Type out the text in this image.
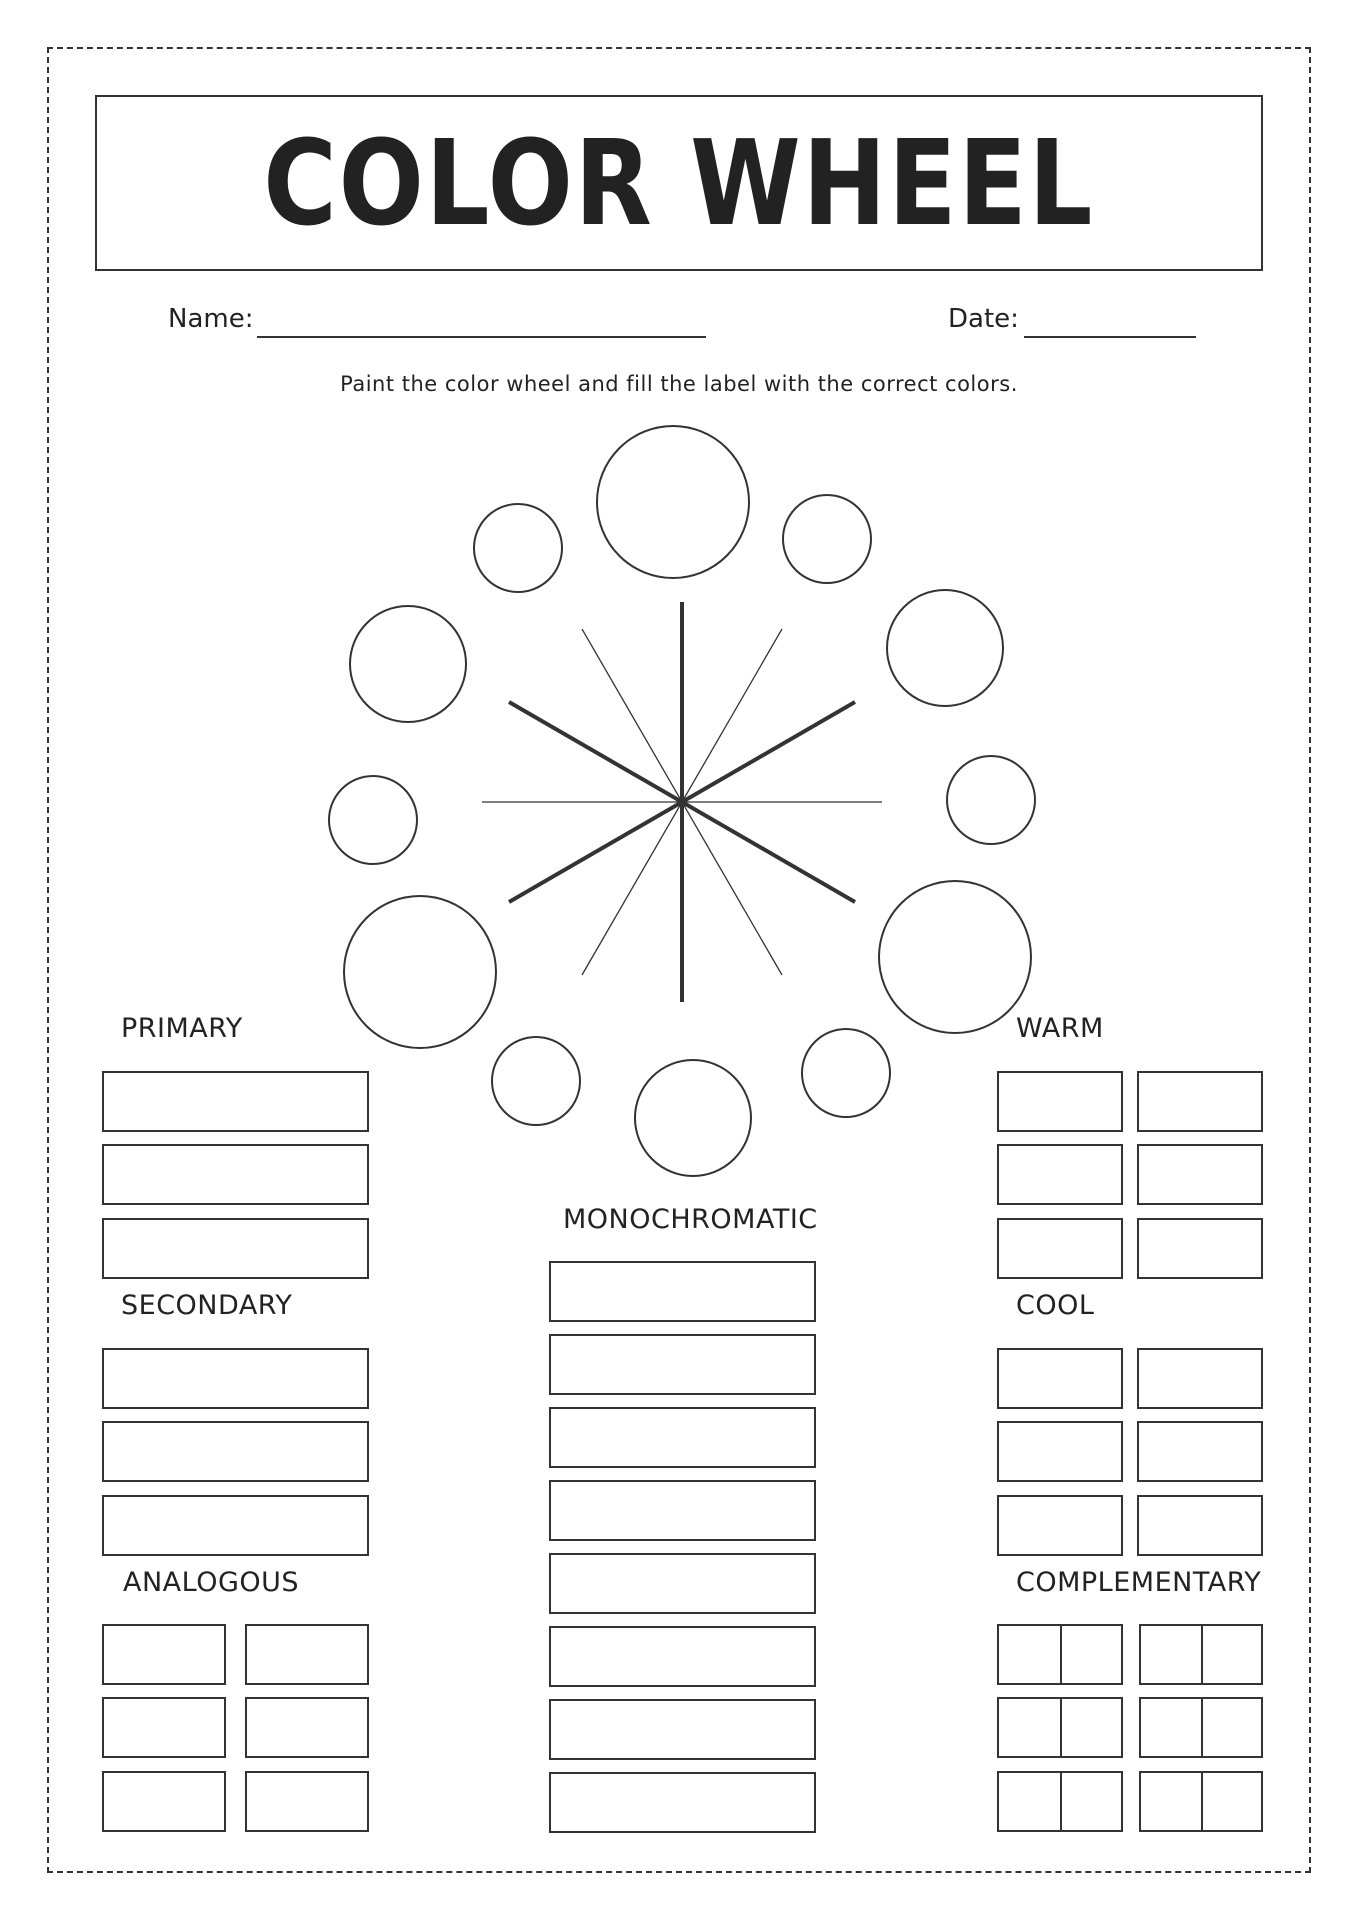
COLOR WHEEL
Name:	Date:
Paint the color wheel and fill the label with the correct colors.
PRIMARY
SECONDARY
ANALOGOUS
MONOCHROMATIC
WARM
COOL
COMPLEMENTARY
